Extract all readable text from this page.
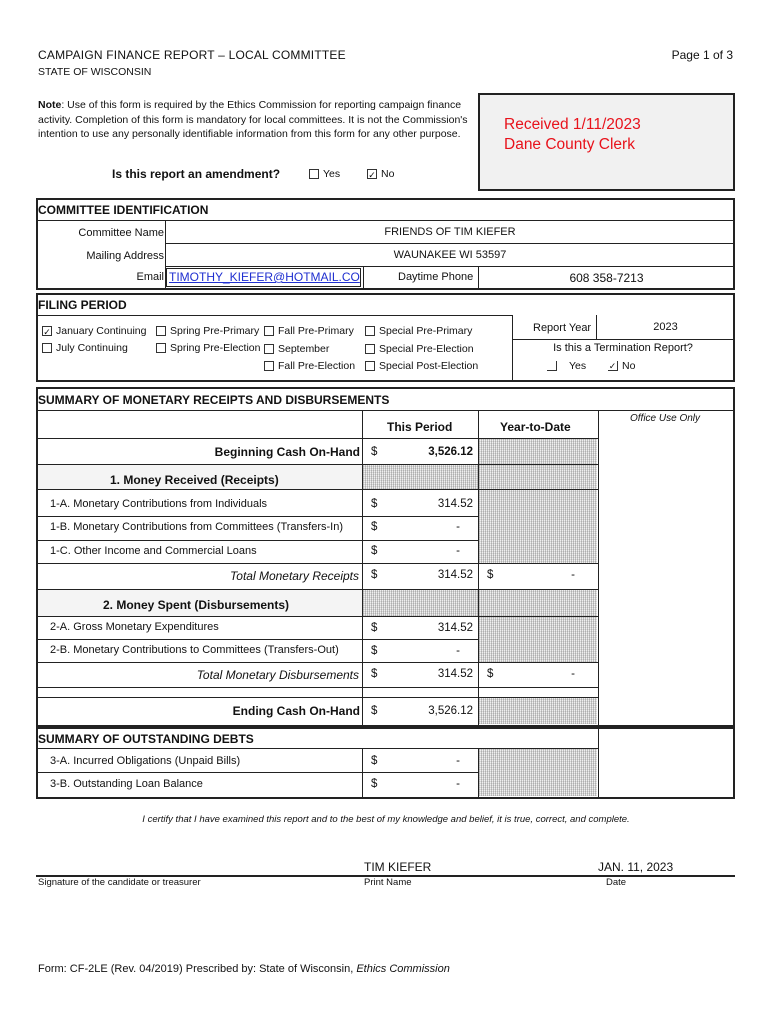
CAMPAIGN FINANCE REPORT – LOCAL COMMITTEE
STATE OF WISCONSIN
Page 1 of 3
Note: Use of this form is required by the Ethics Commission for reporting campaign finance activity. Completion of this form is mandatory for local committees. It is not the Commission's intention to use any personally identifiable information from this form for any other purpose.
Received 1/11/2023
Dane County Clerk
Is this report an amendment?	Yes	✓ No
COMMITTEE IDENTIFICATION
Committee Name	FRIENDS OF TIM KIEFER
Mailing Address	WAUNAKEE WI 53597
Email TIMOTHY_KIEFER@HOTMAIL.CO	Daytime Phone	608 358-7213
FILING PERIOD
✓ January Continuing
July Continuing
Spring Pre-Primary
Spring Pre-Election
Fall Pre-Primary
September
Fall Pre-Election
Special Pre-Primary
Special Pre-Election
Special Post-Election
Report Year	2023
Is this a Termination Report?
Yes	✓ No
SUMMARY OF MONETARY RECEIPTS AND DISBURSEMENTS
Office Use Only
This Period	Year-to-Date
Beginning Cash On-Hand $	3,526.12
1. Money Received (Receipts)
1-A. Monetary Contributions from Individuals	$	314.52
1-B. Monetary Contributions from Committees (Transfers-In) $	-
1-C. Other Income and Commercial Loans	$	-
Total Monetary Receipts $	314.52 $	-
2. Money Spent (Disbursements)
2-A. Gross Monetary Expenditures	$	314.52
2-B. Monetary Contributions to Committees (Transfers-Out)	$	-
Total Monetary Disbursements $	314.52 $	-
Ending Cash On-Hand $	3,526.12
SUMMARY OF OUTSTANDING DEBTS
3-A. Incurred Obligations (Unpaid Bills)	$	-
3-B. Outstanding Loan Balance	$	-
I certify that I have examined this report and to the best of my knowledge and belief, it is true, correct, and complete.
TIM KIEFER	JAN. 11, 2023
Signature of the candidate or treasurer	Print Name	Date
Form: CF-2LE (Rev. 04/2019) Prescribed by: State of Wisconsin, Ethics Commission
